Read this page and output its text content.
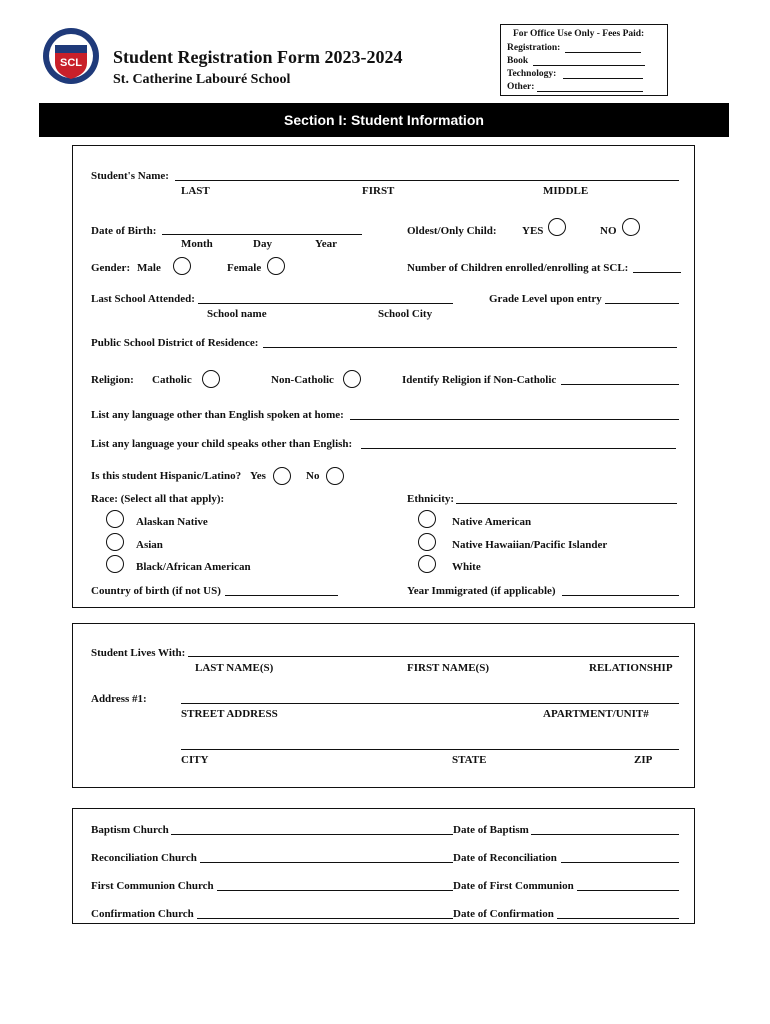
SCL Student Registration Form 2023-2024
St. Catherine Labouré School
For Office Use Only - Fees Paid:
Registration:
Book
Technology:
Other:
Section I: Student Information
Student's Name:
LAST	FIRST	MIDDLE
Date of Birth:
Month	Day	Year
Oldest/Only Child: YES	NO
Gender: Male	Female	Number of Children enrolled/enrolling at SCL:
Last School Attended:
School name	School City
Grade Level upon entry
Public School District of Residence:
Religion: Catholic	Non-Catholic	Identify Religion if Non-Catholic
List any language other than English spoken at home:
List any language your child speaks other than English:
Is this student Hispanic/Latino? Yes	No
Race: (Select all that apply):	Ethnicity:
Alaskan Native
Asian
Black/African American
Native American
Native Hawaiian/Pacific Islander
White
Country of birth (if not US)	Year Immigrated (if applicable)
Student Lives With:
LAST NAME(S)	FIRST NAME(S)	RELATIONSHIP
Address #1:
STREET ADDRESS	APARTMENT/UNIT#
CITY	STATE	ZIP
Baptism Church	Date of Baptism
Reconciliation Church	Date of Reconciliation
First Communion Church	Date of First Communion
Confirmation Church	Date of Confirmation
